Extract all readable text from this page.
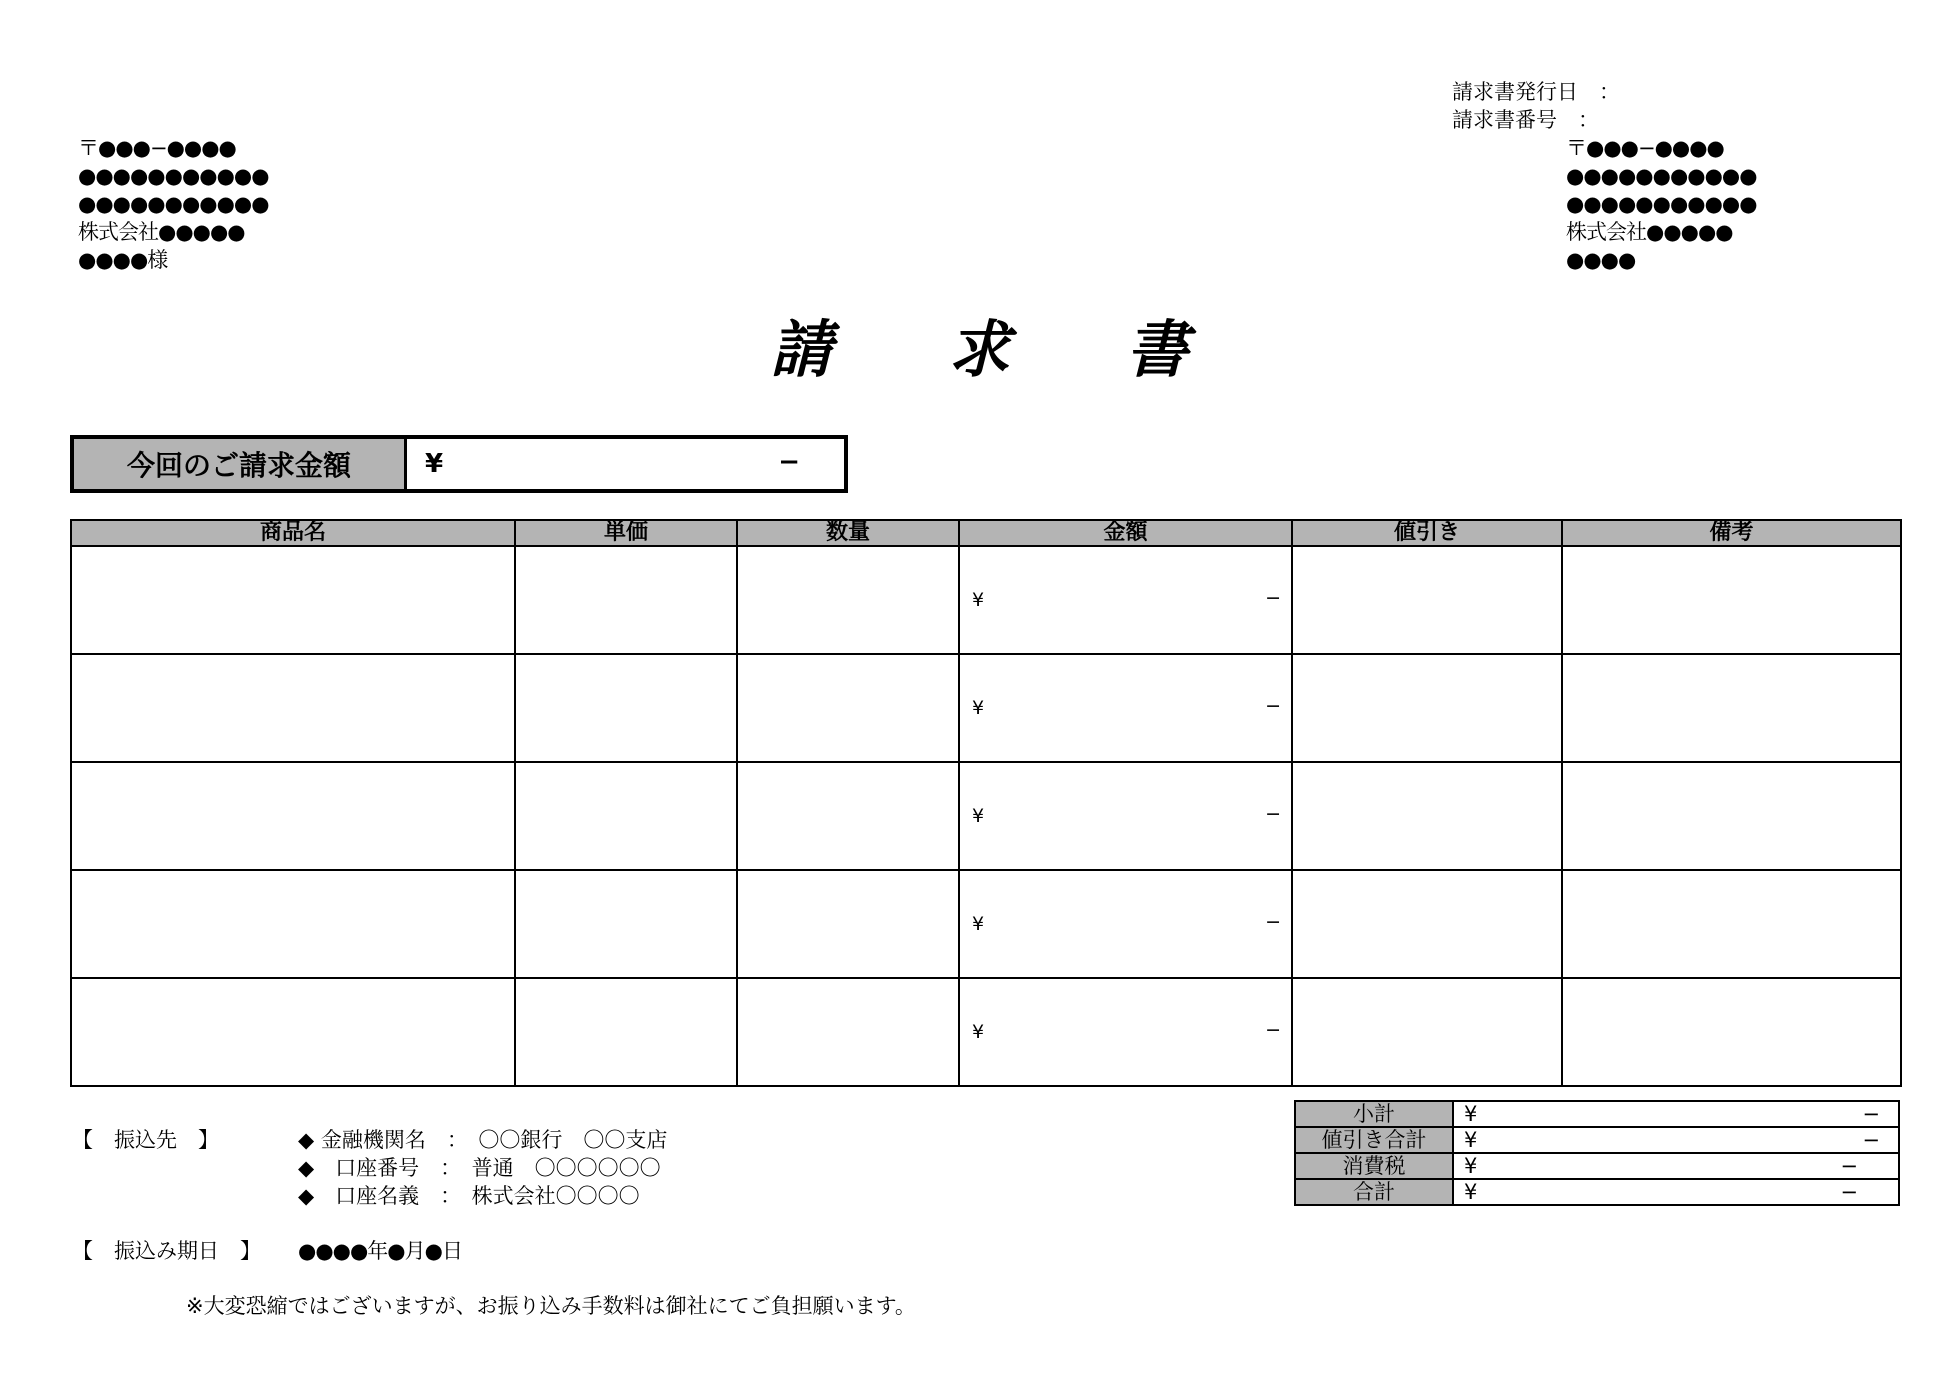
請求書発行日　：
請求書番号　：
〒●●●−●●●●
●●●●●●●●●●●
●●●●●●●●●●●
株式会社●●●●●
●●●●様
〒●●●−●●●●
●●●●●●●●●●●
●●●●●●●●●●●
株式会社●●●●●
●●●●
請 求 書
今回のご請求金額	¥	−
商品名	単価	数量	金額	値引き	備考

			¥ −		

			¥ −		

			¥ −		

			¥ −		

			¥ −		

小計	¥ −

値引き合計	¥ −

消費税	¥ −

合計	¥ −
【　振込先　】	◆ 金融機関名　：　〇〇銀行　〇〇支店
◆　口座番号　：　普通　〇〇〇〇〇〇
◆　口座名義　：　株式会社〇〇〇〇
【　振込み期日　】 ●●●●年●月●日
※大変恐縮ではございますが、お振り込み手数料は御社にてご負担願います。
